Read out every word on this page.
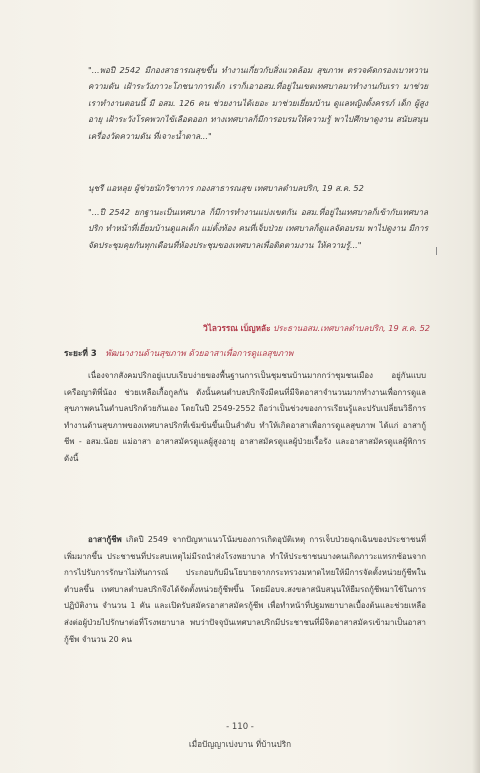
"...พอปี 2542 มีกองสาธารณสุขขึ้น ทำงานเกี่ยวกับสิ่งแวดล้อม สุขภาพ ตรวจคัดกรองเบาหวาน ความดัน เฝ้าระวังภาวะโภชนาการเด็ก เราก็เอาอสม.ที่อยู่ในเขตเทศบาลมาทำงานกับเรา มาช่วยเราทำงานตอนนี้ มี อสม. 126 คน ช่วยงานได้เยอะ มาช่วยเยี่ยมบ้าน ดูแลหญิงตั้งครรภ์ เด็ก ผู้สูงอายุ เฝ้าระวังโรคพวกไข้เลือดออก ทางเทศบาลก็มีการอบรมให้ความรู้ พาไปศึกษาดูงาน สนับสนุนเครื่องวัดความดัน ที่เจาะน้ำตาล..."

นุชรี แอหลุย ผู้ช่วยนักวิชาการ กองสาธารณสุข เทศบาลตำบลปริก, 19 ส.ค. 52

"...ปี 2542 ยกฐานะเป็นเทศบาล ก็มีการทำงานแบ่งเขตกัน อสม.ที่อยู่ในเทศบาลก็เข้ากับเทศบาลปริก ทำหน้าที่เยี่ยมบ้านดูแลเด็ก แม่ตั้งท้อง คนที่เจ็บป่วย เทศบาลก็ดูแลจัดอบรม พาไปดูงาน มีการจัดประชุมคุยกันทุกเดือนที่ห้องประชุมของเทศบาลเพื่อติดตามงาน ให้ความรู้..."

วิไลวรรณ เบ็ญหลัะ ประธานอสม.เทศบาลตำบลปริก, 19 ส.ค. 52
ระยะที่ 3 พัฒนางานด้านสุขภาพ ด้วยอาสาเพื่อการดูแลสุขภาพ

เนื่องจากสังคมปริกอยู่แบบเรียบง่ายของพื้นฐานการเป็นชุมชนบ้านมากกว่าชุมชนเมือง อยู่กันแบบเครือญาติพี่น้อง ช่วยเหลือเกื้อกูลกัน ดังนั้นคนตำบลปริกจึงมีคนที่มีจิตอาสาจำนวนมากทำงานเพื่อการดูแลสุขภาพคนในตำบลปริกด้วยกันเอง โดยในปี 2549-2552 ถือว่าเป็นช่วงของการเรียนรู้และปรับเปลี่ยนวิธีการทำงานด้านสุขภาพของเทศบาลปริกที่เข้มข้นขึ้นเป็นลำดับ ทำให้เกิดอาสาเพื่อการดูแลสุขภาพ ได้แก่ อาสากู้ชีพ - อสม.น้อย แม่อาสา อาสาสมัครดูแลผู้สูงอายุ อาสาสมัครดูแลผู้ป่วยเรื้อรัง และอาสาสมัครดูแลผู้พิการ ดังนี้

อาสากู้ชีพ เกิดปี 2549 จากปัญหาแนวโน้มของการเกิดอุบัติเหตุ การเจ็บป่วยฉุกเฉินของประชาชนที่เพิ่มมากขึ้น ประชาชนที่ประสบเหตุไม่มีรถนำส่งโรงพยาบาล ทำให้ประชาชนบางคนเกิดภาวะแทรกซ้อนจากการไปรับการรักษาไม่ทันการณ์ ประกอบกับมีนโยบายจากกระทรวงมหาดไทยให้มีการจัดตั้งหน่วยกู้ชีพในตำบลขึ้น เทศบาลตำบลปริกจึงได้จัดตั้งหน่วยกู้ชีพขึ้น โดยมีอบจ.สงขลาสนับสนุนให้ยืมรถกู้ชีพมาใช้ในการปฏิบัติงาน จำนวน 1 คัน และเปิดรับสมัครอาสาสมัครกู้ชีพ เพื่อทำหน้าที่ปฐมพยาบาลเบื้องต้นและช่วยเหลือส่งต่อผู้ป่วยไปรักษาต่อที่โรงพยาบาล พบว่าปัจจุบันเทศบาลปริกมีประชาชนที่มีจิตอาสาสมัครเข้ามาเป็นอาสากู้ชีพ จำนวน 20 คน

- 110 -
เมื่อปัญญาเบ่งบาน ที่บ้านปริก
